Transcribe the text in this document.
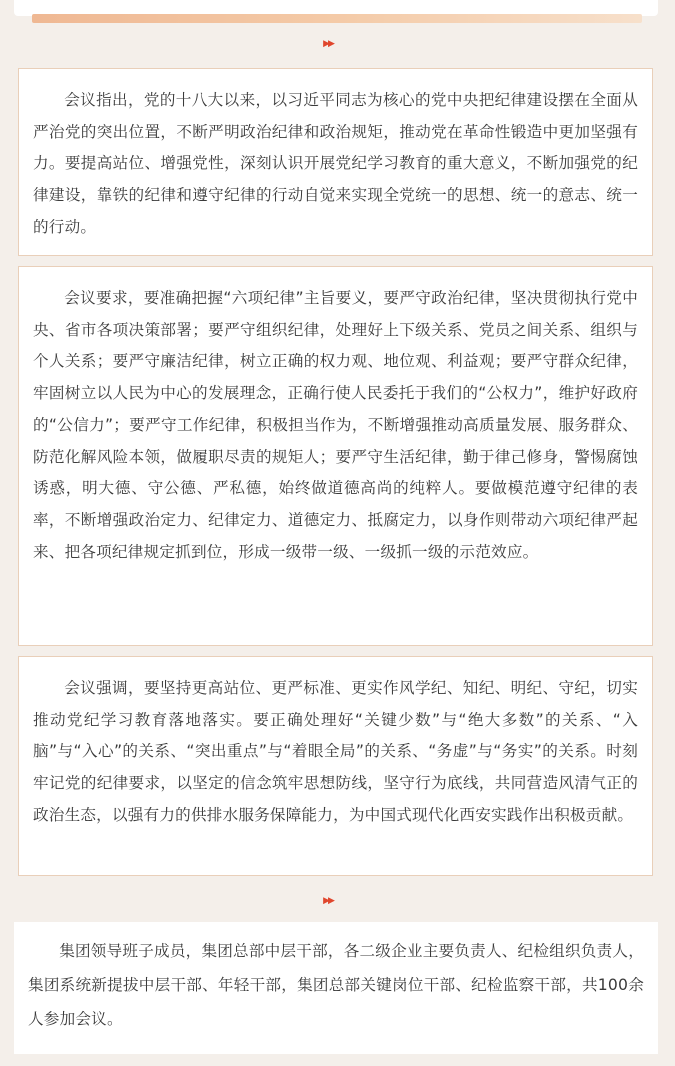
▶▶

会议指出，党的十八大以来，以习近平同志为核心的党中央把纪律建设摆在全面从严治党的突出位置，不断严明政治纪律和政治规矩，推动党在革命性锻造中更加坚强有力。要提高站位、增强党性，深刻认识开展党纪学习教育的重大意义，不断加强党的纪律建设，靠铁的纪律和遵守纪律的行动自觉来实现全党统一的思想、统一的意志、统一的行动。

会议要求，要准确把握“六项纪律”主旨要义，要严守政治纪律，坚决贯彻执行党中央、省市各项决策部署；要严守组织纪律，处理好上下级关系、党员之间关系、组织与个人关系；要严守廉洁纪律，树立正确的权力观、地位观、利益观；要严守群众纪律，牢固树立以人民为中心的发展理念，正确行使人民委托于我们的“公权力”，维护好政府的“公信力”；要严守工作纪律，积极担当作为，不断增强推动高质量发展、服务群众、防范化解风险本领，做履职尽责的规矩人；要严守生活纪律，勤于律己修身，警惕腐蚀诱惑，明大德、守公德、严私德，始终做道德高尚的纯粹人。要做模范遵守纪律的表率，不断增强政治定力、纪律定力、道德定力、抵腐定力，以身作则带动六项纪律严起来、把各项纪律规定抓到位，形成一级带一级、一级抓一级的示范效应。

会议强调，要坚持更高站位、更严标准、更实作风学纪、知纪、明纪、守纪，切实推动党纪学习教育落地落实。要正确处理好“关键少数”与“绝大多数”的关系、“入脑”与“入心”的关系、“突出重点”与“着眼全局”的关系、“务虚”与“务实”的关系。时刻牢记党的纪律要求，以坚定的信念筑牢思想防线，坚守行为底线，共同营造风清气正的政治生态，以强有力的供排水服务保障能力，为中国式现代化西安实践作出积极贡献。

▶▶

集团领导班子成员，集团总部中层干部，各二级企业主要负责人、纪检组织负责人，集团系统新提拔中层干部、年轻干部，集团总部关键岗位干部、纪检监察干部，共100余人参加会议。
